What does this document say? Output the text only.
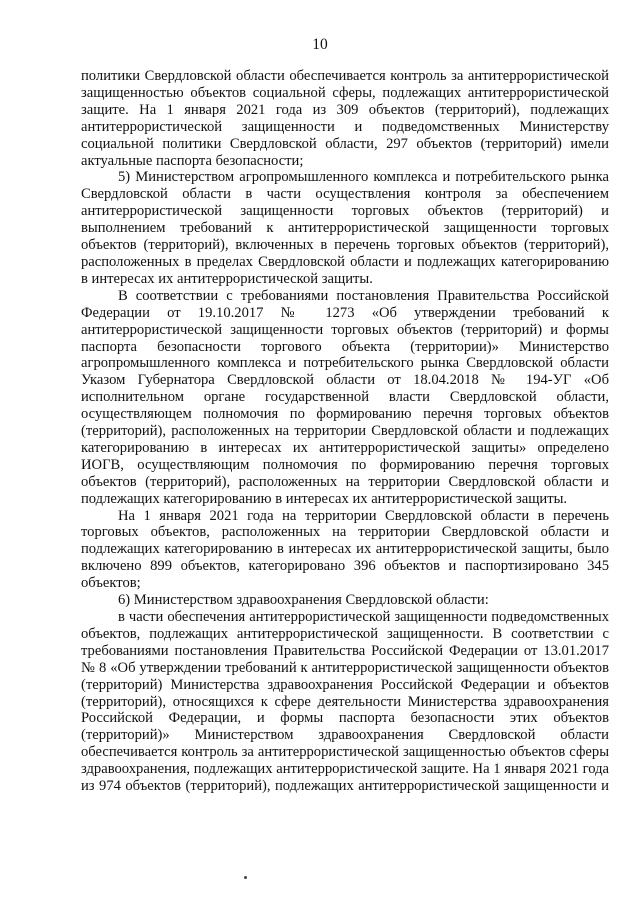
10

политики Свердловской области обеспечивается контроль за антитеррористической защищенностью объектов социальной сферы, подлежащих антитеррористической защите. На 1 января 2021 года из 309 объектов (территорий), подлежащих антитеррористической защищенности и подведомственных Министерству социальной политики Свердловской области, 297 объектов (территорий) имели актуальные паспорта безопасности;

5) Министерством агропромышленного комплекса и потребительского рынка Свердловской области в части осуществления контроля за обеспечением антитеррористической защищенности торговых объектов (территорий) и выполнением требований к антитеррористической защищенности торговых объектов (территорий), включенных в перечень торговых объектов (территорий), расположенных в пределах Свердловской области и подлежащих категорированию в интересах их антитеррористической защиты.

В соответствии с требованиями постановления Правительства Российской Федерации от 19.10.2017 № 1273 «Об утверждении требований к антитеррористической защищенности торговых объектов (территорий) и формы паспорта безопасности торгового объекта (территории)» Министерство агропромышленного комплекса и потребительского рынка Свердловской области Указом Губернатора Свердловской области от 18.04.2018 № 194-УГ «Об исполнительном органе государственной власти Свердловской области, осуществляющем полномочия по формированию перечня торговых объектов (территорий), расположенных на территории Свердловской области и подлежащих категорированию в интересах их антитеррористической защиты» определено ИОГВ, осуществляющим полномочия по формированию перечня торговых объектов (территорий), расположенных на территории Свердловской области и подлежащих категорированию в интересах их антитеррористической защиты.

На 1 января 2021 года на территории Свердловской области в перечень торговых объектов, расположенных на территории Свердловской области и подлежащих категорированию в интересах их антитеррористической защиты, было включено 899 объектов, категорировано 396 объектов и паспортизировано 345 объектов;

6) Министерством здравоохранения Свердловской области:

в части обеспечения антитеррористической защищенности подведомственных объектов, подлежащих антитеррористической защищенности. В соответствии с требованиями постановления Правительства Российской Федерации от 13.01.2017 № 8 «Об утверждении требований к антитеррористической защищенности объектов (территорий) Министерства здравоохранения Российской Федерации и объектов (территорий), относящихся к сфере деятельности Министерства здравоохранения Российской Федерации, и формы паспорта безопасности этих объектов (территорий)» Министерством здравоохранения Свердловской области обеспечивается контроль за антитеррористической защищенностью объектов сферы здравоохранения, подлежащих антитеррористической защите. На 1 января 2021 года из 974 объектов (территорий), подлежащих антитеррористической защищенности и
